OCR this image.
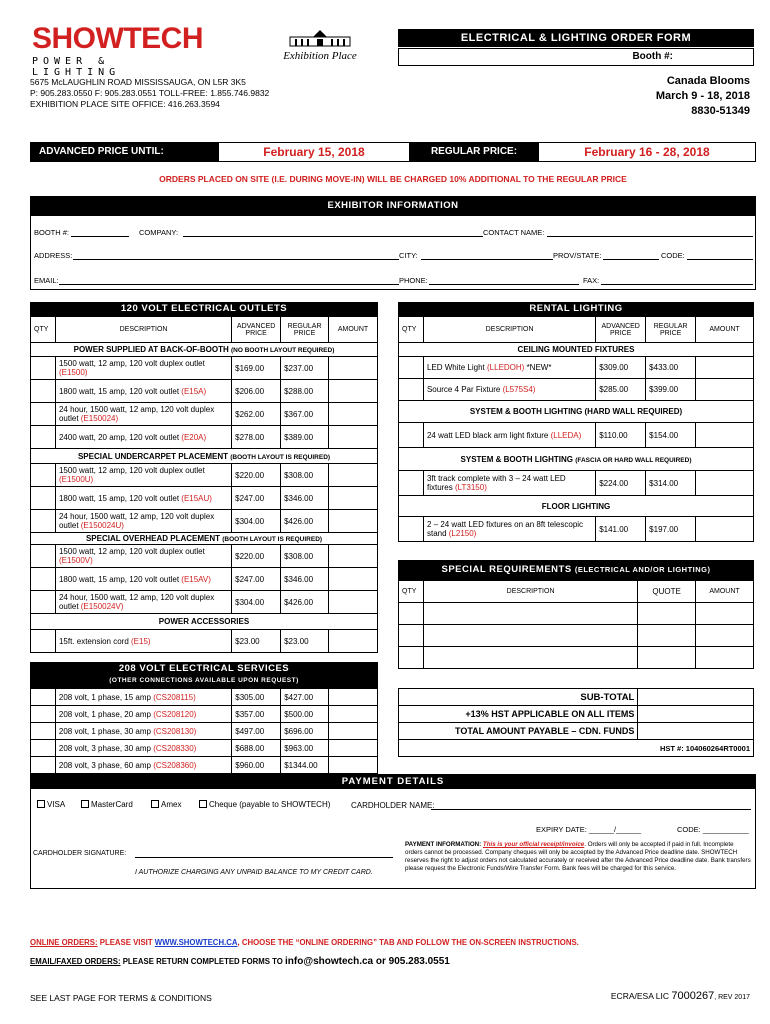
SHOWTECH
POWER & LIGHTING
Exhibition Place
ELECTRICAL & LIGHTING ORDER FORM
Booth #:
5675 McLAUGHLIN ROAD MISSISSAUGA, ON L5R 3K5
P: 905.283.0550 F: 905.283.0551 TOLL-FREE: 1.855.746.9832
EXHIBITION PLACE SITE OFFICE: 416.263.3594
Canada Blooms
March 9 - 18, 2018
8830-51349
ADVANCED PRICE UNTIL:	February 15, 2018	REGULAR PRICE:	February 16 - 28, 2018
ORDERS PLACED ON SITE (I.E. DURING MOVE-IN) WILL BE CHARGED 10% ADDITIONAL TO THE REGULAR PRICE
EXHIBITOR INFORMATION
BOOTH #:	COMPANY:	CONTACT NAME:
ADDRESS:	CITY:	PROV/STATE:	CODE:
EMAIL:	PHONE:	FAX:
120 VOLT ELECTRICAL OUTLETS
QTY	DESCRIPTION	ADVANCED PRICE	REGULAR PRICE	AMOUNT
POWER SUPPLIED AT BACK-OF-BOOTH (NO BOOTH LAYOUT REQUIRED)				
	1500 watt, 12 amp, 120 volt duplex outlet (E1500)	$169.00	$237.00	
	1800 watt, 15 amp, 120 volt outlet (E15A)	$206.00	$288.00	
	24 hour, 1500 watt, 12 amp, 120 volt duplex outlet (E150024)	$262.00	$367.00	
	2400 watt, 20 amp, 120 volt outlet (E20A)	$278.00	$389.00	
SPECIAL UNDERCARPET PLACEMENT (BOOTH LAYOUT IS REQUIRED)				
	1500 watt, 12 amp, 120 volt duplex outlet (E1500U)	$220.00	$308.00	
	1800 watt, 15 amp, 120 volt outlet (E15AU)	$247.00	$346.00	
	24 hour, 1500 watt, 12 amp, 120 volt duplex outlet (E150024U)	$304.00	$426.00	
SPECIAL OVERHEAD PLACEMENT (BOOTH LAYOUT IS REQUIRED)				
	1500 watt, 12 amp, 120 volt duplex outlet (E1500V)	$220.00	$308.00	
	1800 watt, 15 amp, 120 volt outlet (E15AV)	$247.00	$346.00	
	24 hour, 1500 watt, 12 amp, 120 volt duplex outlet (E150024V)	$304.00	$426.00	
POWER ACCESSORIES				
	15ft. extension cord (E15)	$23.00	$23.00	
208 VOLT ELECTRICAL SERVICES
(OTHER CONNECTIONS AVAILABLE UPON REQUEST)
	208 volt, 1 phase, 15 amp (CS208115)	$305.00	$427.00	
	208 volt, 1 phase, 20 amp (CS208120)	$357.00	$500.00	
	208 volt, 1 phase, 30 amp (CS208130)	$497.00	$696.00	
	208 volt, 3 phase, 30 amp (CS208330)	$688.00	$963.00	
	208 volt, 3 phase, 60 amp (CS208360)	$960.00	$1344.00	
RENTAL LIGHTING
QTY	DESCRIPTION	ADVANCED PRICE	REGULAR PRICE	AMOUNT
CEILING MOUNTED FIXTURES				
	LED White Light (LLEDOH) *NEW*	$309.00	$433.00	
	Source 4 Par Fixture (L575S4)	$285.00	$399.00	
SYSTEM & BOOTH LIGHTING (HARD WALL REQUIRED)				
	24 watt LED black arm light fixture (LLEDA)	$110.00	$154.00	
SYSTEM & BOOTH LIGHTING (FASCIA OR HARD WALL REQUIRED)				
	3ft track complete with 3 – 24 watt LED fixtures (LT3150)	$224.00	$314.00	
FLOOR LIGHTING				
	2 – 24 watt LED fixtures on an 8ft telescopic stand (L2150)	$141.00	$197.00	
SPECIAL REQUIREMENTS (ELECTRICAL AND/OR LIGHTING)
QTY	DESCRIPTION	QUOTE	AMOUNT

SUB-TOTAL	
+13% HST APPLICABLE ON ALL ITEMS	
TOTAL AMOUNT PAYABLE – CDN. FUNDS	
HST #: 104060264RT0001	
PAYMENT DETAILS
VISA	MasterCard	Amex	Cheque (payable to SHOWTECH)	CARDHOLDER NAME:
EXPIRY DATE: ______/______	CODE: ___________
CARDHOLDER SIGNATURE:
I AUTHORIZE CHARGING ANY UNPAID BALANCE TO MY CREDIT CARD.
PAYMENT INFORMATION: This is your official receipt/invoice. Orders will only be accepted if paid in full. Incomplete orders cannot be processed. Company cheques will only be accepted by the Advanced Price deadline date. SHOWTECH reserves the right to adjust orders not calculated accurately or received after the Advanced Price deadline date. Bank transfers please request the Electronic Funds/Wire Transfer Form. Bank fees will be charged for this service.
ONLINE ORDERS: PLEASE VISIT WWW.SHOWTECH.CA, CHOOSE THE “ONLINE ORDERING” TAB AND FOLLOW THE ON-SCREEN INSTRUCTIONS.
EMAIL/FAXED ORDERS: PLEASE RETURN COMPLETED FORMS TO info@showtech.ca or 905.283.0551
SEE LAST PAGE FOR TERMS & CONDITIONS	ECRA/ESA LIC 7000267, REV 2017
